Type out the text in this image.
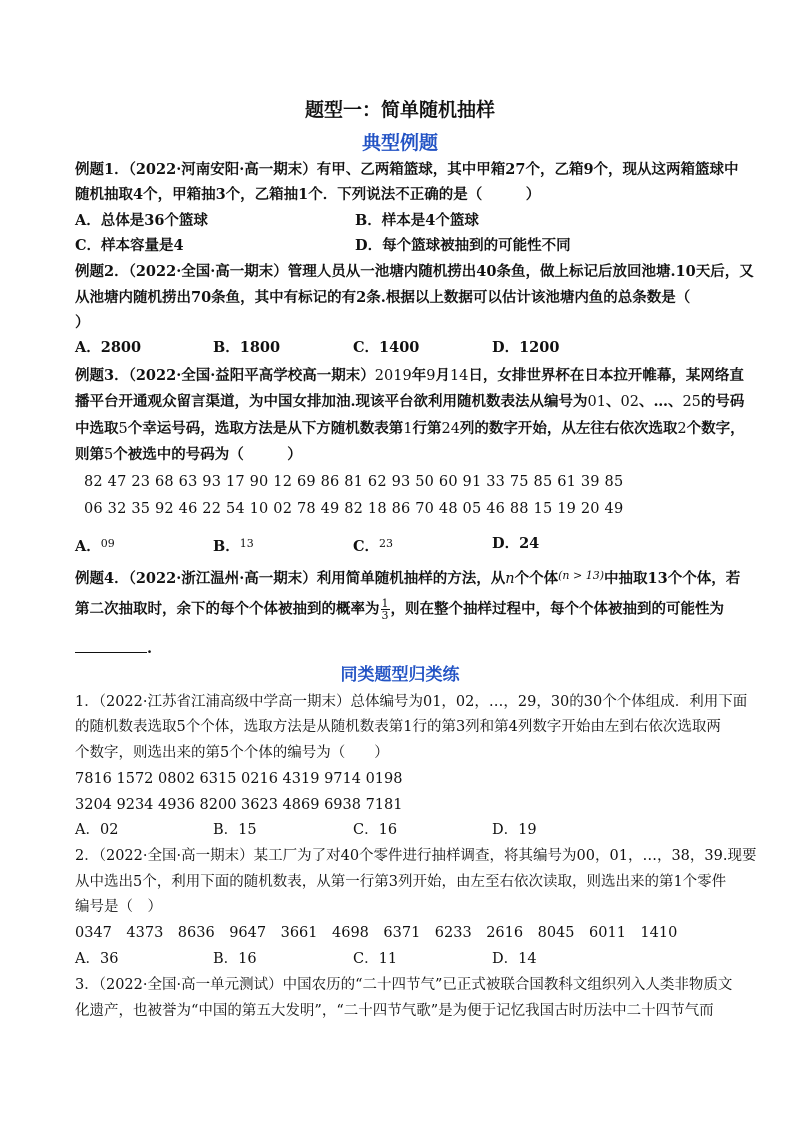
题型一：简单随机抽样
典型例题
例题1．（2022·河南安阳·高一期末）有甲、乙两箱篮球，其中甲箱27个，乙箱9个，现从这两箱篮球中
随机抽取4个，甲箱抽3个，乙箱抽1个．下列说法不正确的是（　　　）
A．总体是36个篮球	B．样本是4个篮球
C．样本容量是4	D．每个篮球被抽到的可能性不同
例题2．（2022·全国·高一期末）管理人员从一池塘内随机捞出40条鱼，做上标记后放回池塘.10天后，又
从池塘内随机捞出70条鱼，其中有标记的有2条.根据以上数据可以估计该池塘内鱼的总条数是（
）
A．2800	B．1800	C．1400	D．1200
例题3．（2022·全国·益阳平高学校高一期末）2019年9月14日，女排世界杯在日本拉开帷幕，某网络直
播平台开通观众留言渠道，为中国女排加油.现该平台欲利用随机数表法从编号为01、02、…、25的号码
中选取5个幸运号码，选取方法是从下方随机数表第1行第24列的数字开始，从左往右依次选取2个数字，
则第5个被选中的号码为（　　　）
82 47 23 68 63 93 17 90 12 69 86 81 62 93 50 60 91 33 75 85 61 39 85
06 32 35 92 46 22 54 10 02 78 49 82 18 86 70 48 05 46 88 15 19 20 49
A．$^{09}$	B．$^{13}$	C．$^{23}$	D．24
例题4．（2022·浙江温州·高一期末）利用简单随机抽样的方法，从n个个体$^{(n > 13)}$中抽取13个个体，若
第二次抽取时，余下的每个个体被抽到的概率为 $\frac{1}{3}$ ，则在整个抽样过程中，每个个体被抽到的可能性为
.
同类题型归类练
1．（2022·江苏省江浦高级中学高一期末）总体编号为01，02，…，29，30的30个个体组成．利用下面
的随机数表选取5个个体，选取方法是从随机数表第1行的第3列和第4列数字开始由左到右依次选取两
个数字，则选出来的第5个个体的编号为（　　）
7816 1572 0802 6315 0216 4319 9714 0198
3204 9234 4936 8200 3623 4869 6938 7181
A．02	B．15	C．16	D．19
2．（2022·全国·高一期末）某工厂为了对40个零件进行抽样调查，将其编号为00，01，…，38，39.现要
从中选出5个，利用下面的随机数表，从第一行第3列开始，由左至右依次读取，则选出来的第1个零件
编号是（　）
0347　4373　8636　9647　3661　4698　6371　6233　2616　8045　6011　1410
A．36	B．16	C．11	D．14
3．（2022·全国·高一单元测试）中国农历的“二十四节气”已正式被联合国教科文组织列入人类非物质文
化遗产，也被誉为“中国的第五大发明”，“二十四节气歌”是为便于记忆我国古时历法中二十四节气而
